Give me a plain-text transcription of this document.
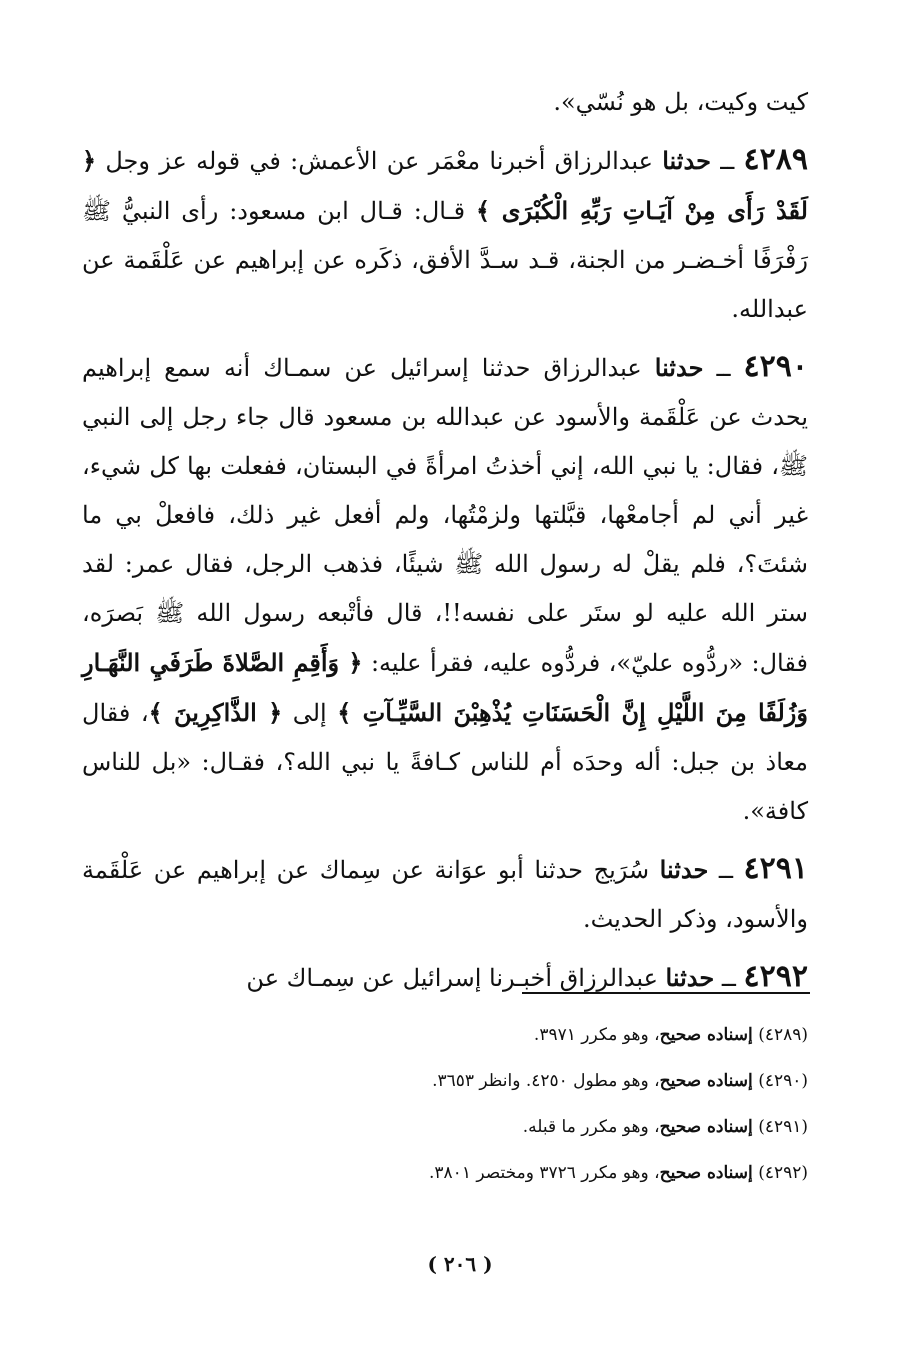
كيت وكيت، بل هو نُسّي».

٤٢٨٩ ــ حدثنا عبدالرزاق أخبرنا معْمَر عن الأعمش: في قوله عز وجل ﴿ لَقَدْ رَأَى مِنْ آيَـاتِ رَبِّهِ الْكُبْرَى ﴾ قـال: قـال ابن مسعود: رأى النبيُّ ﷺ رَفْرَفًا أخـضـر من الجنة، قـد سـدَّ الأفق، ذكَره عن إبراهيم عن عَلْقَمة عن عبدالله.

٤٢٩٠ ــ حدثنا عبدالرزاق حدثنا إسرائيل عن سمـاك أنه سمع إبراهيم يحدث عن عَلْقَمة والأسود عن عبدالله بن مسعود قال جاء رجل إلى النبي ﷺ، فقال: يا نبي الله، إني أخذتُ امرأةً في البستان، ففعلت بها كل شيء، غير أني لم أجامعْها، قبَّلتها ولزمْتُها، ولم أفعل غير ذلك، فافعلْ بي ما شئتَ؟، فلم يقلْ له رسول الله ﷺ شيئًا، فذهب الرجل، فقال عمر: لقد ستر الله عليه لو ستَر على نفسه!!، قال فأتْبعه رسول الله ﷺ بَصرَه، فقال: «ردُّوه عليّ»، فردُّوه عليه، فقرأ عليه: ﴿ وَأَقِمِ الصَّلاةَ طَرَفَيِ النَّهَـارِ وَزُلَفًا مِنَ اللَّيْلِ إِنَّ الْحَسَنَاتِ يُذْهِبْنَ السَّيِّـآتِ ﴾ إلى ﴿ الذَّاكِرِينَ ﴾، فقال معاذ بن جبل: أله وحدَه أم للناس كـافةً يا نبي الله؟، فقـال: «بل للناس كافة».

٤٢٩١ ــ حدثنا سُرَيج حدثنا أبو عوَانة عن سِماك عن إبراهيم عن عَلْقَمة والأسود، وذكر الحديث.

٤٢٩٢ ــ حدثنا عبدالرزاق أخبـرنا إسرائيل عن سِمـاك عن

(٤٢٨٩) إسناده صحيح، وهو مكرر ٣٩٧١.
(٤٢٩٠) إسناده صحيح، وهو مطول ٤٢٥٠. وانظر ٣٦٥٣.
(٤٢٩١) إسناده صحيح، وهو مكرر ما قبله.
(٤٢٩٢) إسناده صحيح، وهو مكرر ٣٧٢٦ ومختصر ٣٨٠١.
( ٢٠٦ )
